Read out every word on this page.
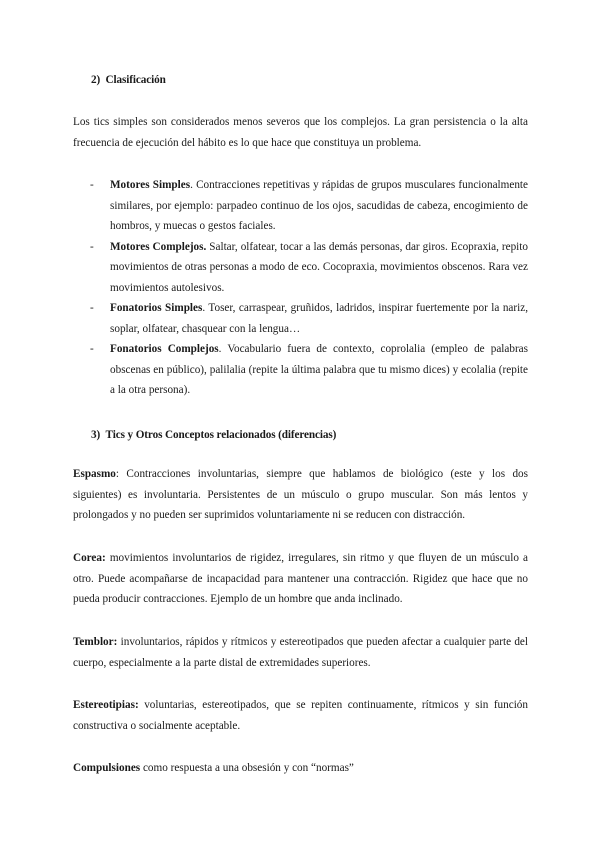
2) Clasificación
Los tics simples son considerados menos severos que los complejos. La gran persistencia o la alta frecuencia de ejecución del hábito es lo que hace que constituya un problema.
- Motores Simples. Contracciones repetitivas y rápidas de grupos musculares funcionalmente similares, por ejemplo: parpadeo continuo de los ojos, sacudidas de cabeza, encogimiento de hombros, y muecas o gestos faciales.
- Motores Complejos. Saltar, olfatear, tocar a las demás personas, dar giros. Ecopraxia, repito movimientos de otras personas a modo de eco. Cocopraxia, movimientos obscenos. Rara vez movimientos autolesivos.
- Fonatorios Simples. Toser, carraspear, gruñidos, ladridos, inspirar fuertemente por la nariz, soplar, olfatear, chasquear con la lengua…
- Fonatorios Complejos. Vocabulario fuera de contexto, coprolalia (empleo de palabras obscenas en público), palilalia (repite la última palabra que tu mismo dices) y ecolalia (repite a la otra persona).
3) Tics y Otros Conceptos relacionados (diferencias)
Espasmo: Contracciones involuntarias, siempre que hablamos de biológico (este y los dos siguientes) es involuntaria. Persistentes de un músculo o grupo muscular. Son más lentos y prolongados y no pueden ser suprimidos voluntariamente ni se reducen con distracción.
Corea: movimientos involuntarios de rigidez, irregulares, sin ritmo y que fluyen de un músculo a otro. Puede acompañarse de incapacidad para mantener una contracción. Rigidez que hace que no pueda producir contracciones. Ejemplo de un hombre que anda inclinado.
Temblor: involuntarios, rápidos y rítmicos y estereotipados que pueden afectar a cualquier parte del cuerpo, especialmente a la parte distal de extremidades superiores.
Estereotipias: voluntarias, estereotipados, que se repiten continuamente, rítmicos y sin función constructiva o socialmente aceptable.
Compulsiones como respuesta a una obsesión y con “normas”
